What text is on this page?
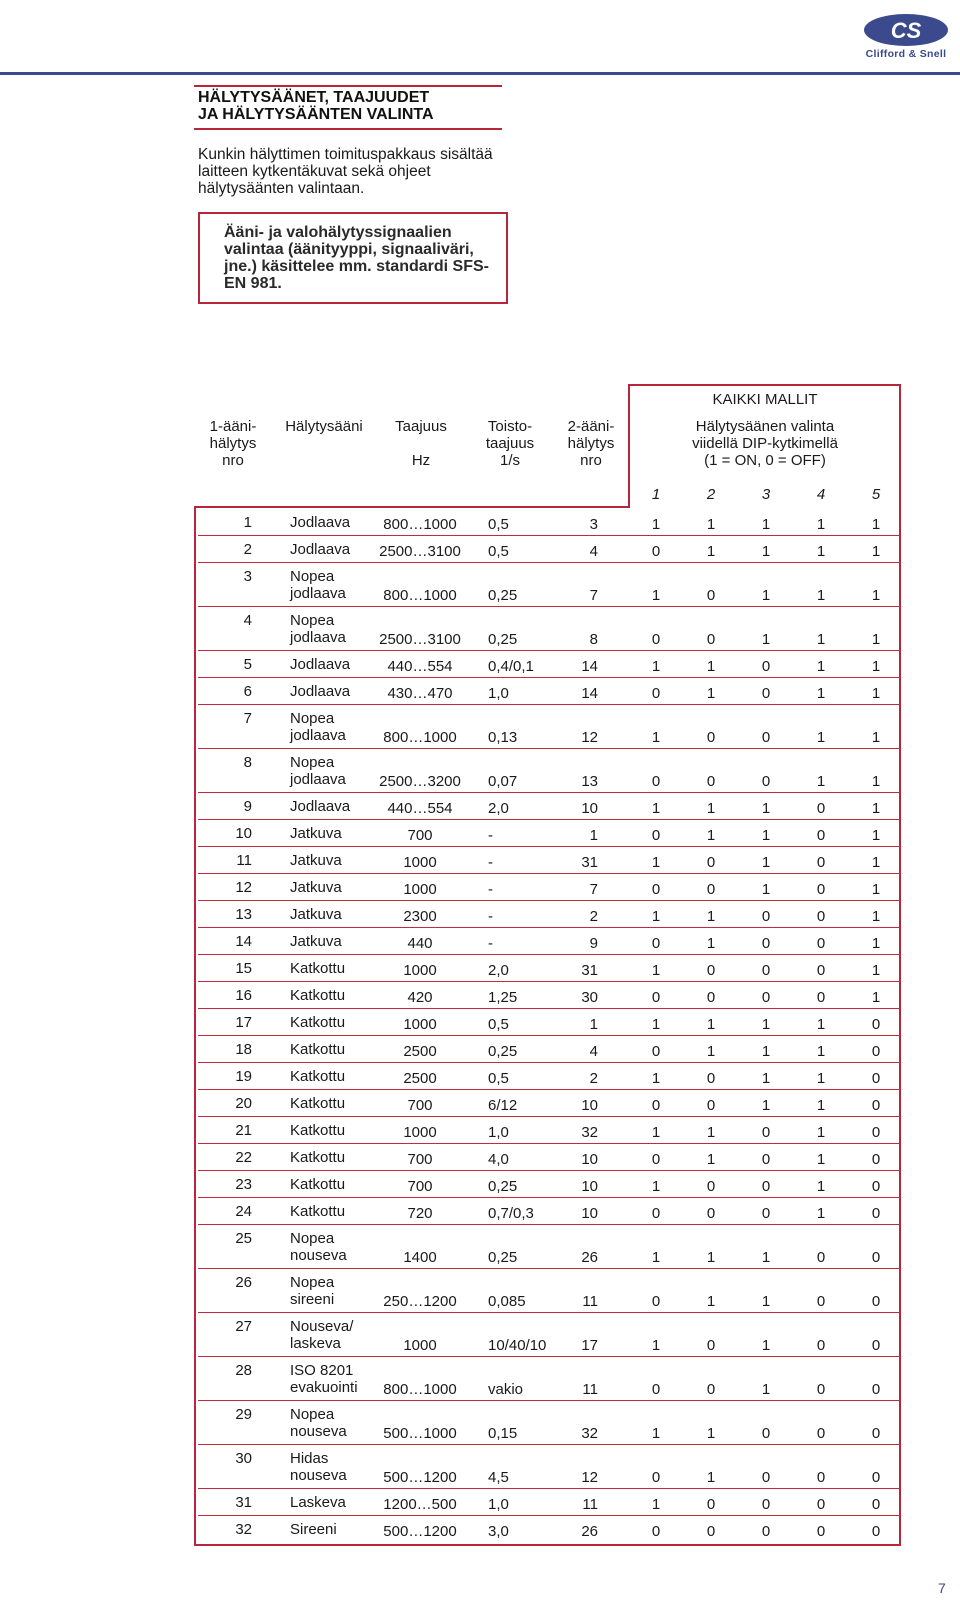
CS
Clifford & Snell
HÄLYTYSÄÄNET, TAAJUUDET
JA HÄLYTYSÄÄNTEN VALINTA
Kunkin hälyttimen toimituspakkaus sisältää laitteen kytkentäkuvat sekä ohjeet hälytysäänten valintaan.
Ääni- ja valohälytyssignaalien valintaa (äänityyppi, signaaliväri, jne.) käsittelee mm. standardi SFS-EN 981.
KAIKKI MALLIT
1-ääni-
hälytys
nro
Hälytysääni	Taajuus

Hz
Toisto-
taajuus
1/s
2-ääni-
hälytys
nro
Hälytysäänen valinta
viidellä DIP-kytkimellä
(1 = ON, 0 = OFF)
1	2	3	4	5
1	Jodlaava	800…1000	0,5	3	1	1	1	1	1
2	Jodlaava	2500…3100	0,5	4	0	1	1	1	1
3	Nopea
jodlaava	800…1000	0,25	7	1	0	1	1	1
4	Nopea
jodlaava	2500…3100	0,25	8	0	0	1	1	1
5	Jodlaava	440…554	0,4/0,1	14	1	1	0	1	1
6	Jodlaava	430…470	1,0	14	0	1	0	1	1
7	Nopea
jodlaava	800…1000	0,13	12	1	0	0	1	1
8	Nopea
jodlaava	2500…3200	0,07	13	0	0	0	1	1
9	Jodlaava	440…554	2,0	10	1	1	1	0	1
10	Jatkuva	700	-	1	0	1	1	0	1
11	Jatkuva	1000	-	31	1	0	1	0	1
12	Jatkuva	1000	-	7	0	0	1	0	1
13	Jatkuva	2300	-	2	1	1	0	0	1
14	Jatkuva	440	-	9	0	1	0	0	1
15	Katkottu	1000	2,0	31	1	0	0	0	1
16	Katkottu	420	1,25	30	0	0	0	0	1
17	Katkottu	1000	0,5	1	1	1	1	1	0
18	Katkottu	2500	0,25	4	0	1	1	1	0
19	Katkottu	2500	0,5	2	1	0	1	1	0
20	Katkottu	700	6/12	10	0	0	1	1	0
21	Katkottu	1000	1,0	32	1	1	0	1	0
22	Katkottu	700	4,0	10	0	1	0	1	0
23	Katkottu	700	0,25	10	1	0	0	1	0
24	Katkottu	720	0,7/0,3	10	0	0	0	1	0
25	Nopea
nouseva	1400	0,25	26	1	1	1	0	0
26	Nopea
sireeni	250…1200	0,085	11	0	1	1	0	0
27	Nouseva/
laskeva	1000	10/40/10	17	1	0	1	0	0
28	ISO 8201
evakuointi	800…1000	vakio	11	0	0	1	0	0
29	Nopea
nouseva	500…1000	0,15	32	1	1	0	0	0
30	Hidas
nouseva	500…1200	4,5	12	0	1	0	0	0
31	Laskeva	1200…500	1,0	11	1	0	0	0	0
32	Sireeni	500…1200	3,0	26	0	0	0	0	0
7
